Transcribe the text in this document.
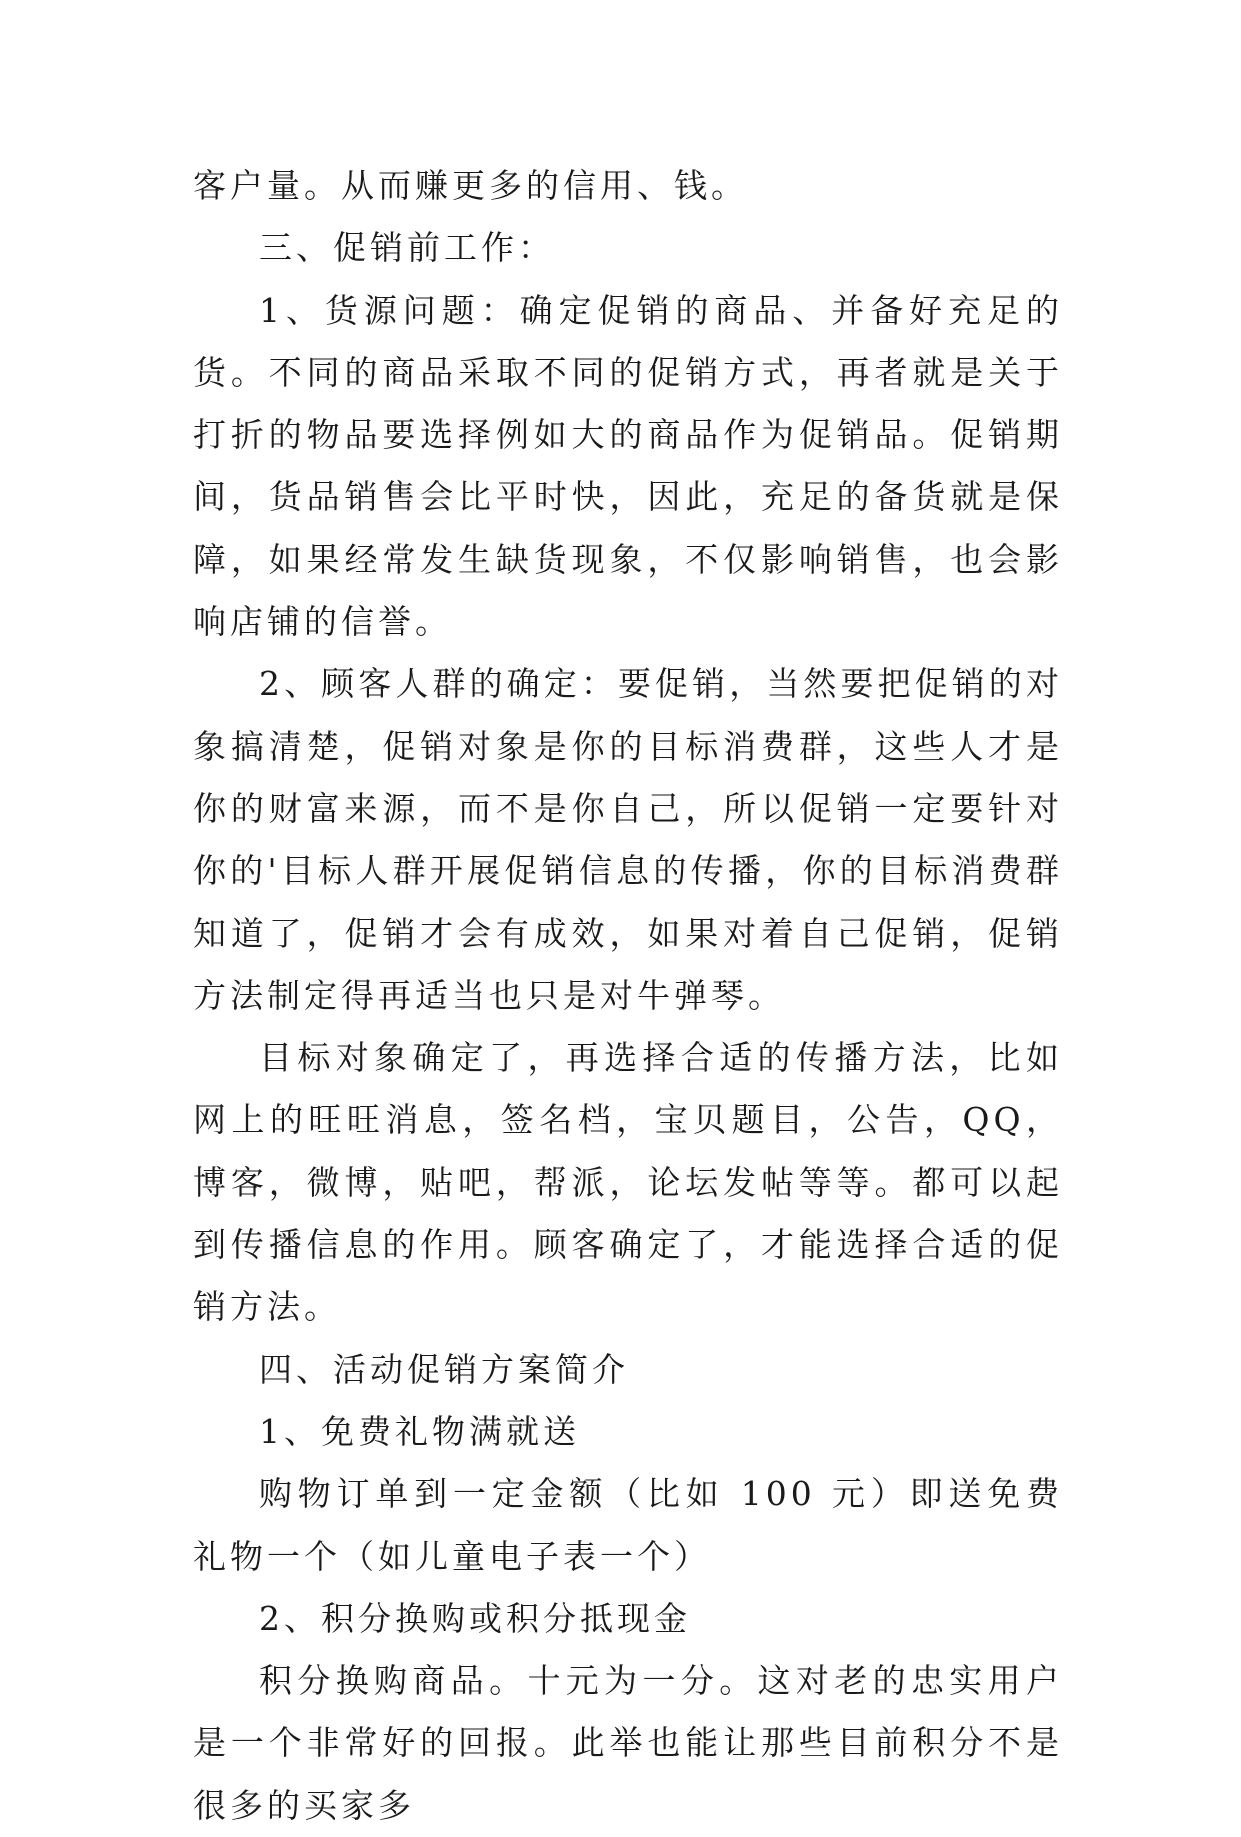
客户量。从而赚更多的信用、钱。

三、促销前工作：

1、货源问题：确定促销的商品、并备好充足的货。不同的商品采取不同的促销方式，再者就是关于打折的物品要选择例如大的商品作为促销品。促销期间，货品销售会比平时快，因此，充足的备货就是保障，如果经常发生缺货现象，不仅影响销售，也会影响店铺的信誉。

2、顾客人群的确定：要促销，当然要把促销的对象搞清楚，促销对象是你的目标消费群，这些人才是你的财富来源，而不是你自己，所以促销一定要针对你的'目标人群开展促销信息的传播，你的目标消费群知道了，促销才会有成效，如果对着自己促销，促销方法制定得再适当也只是对牛弹琴。

目标对象确定了，再选择合适的传播方法，比如网上的旺旺消息，签名档，宝贝题目，公告，QQ，博客，微博，贴吧，帮派，论坛发帖等等。都可以起到传播信息的作用。顾客确定了，才能选择合适的促销方法。

四、活动促销方案简介

1、免费礼物满就送

购物订单到一定金额（比如 100 元）即送免费礼物一个（如儿童电子表一个）

2、积分换购或积分抵现金

积分换购商品。十元为一分。这对老的忠实用户是一个非常好的回报。此举也能让那些目前积分不是很多的买家多
